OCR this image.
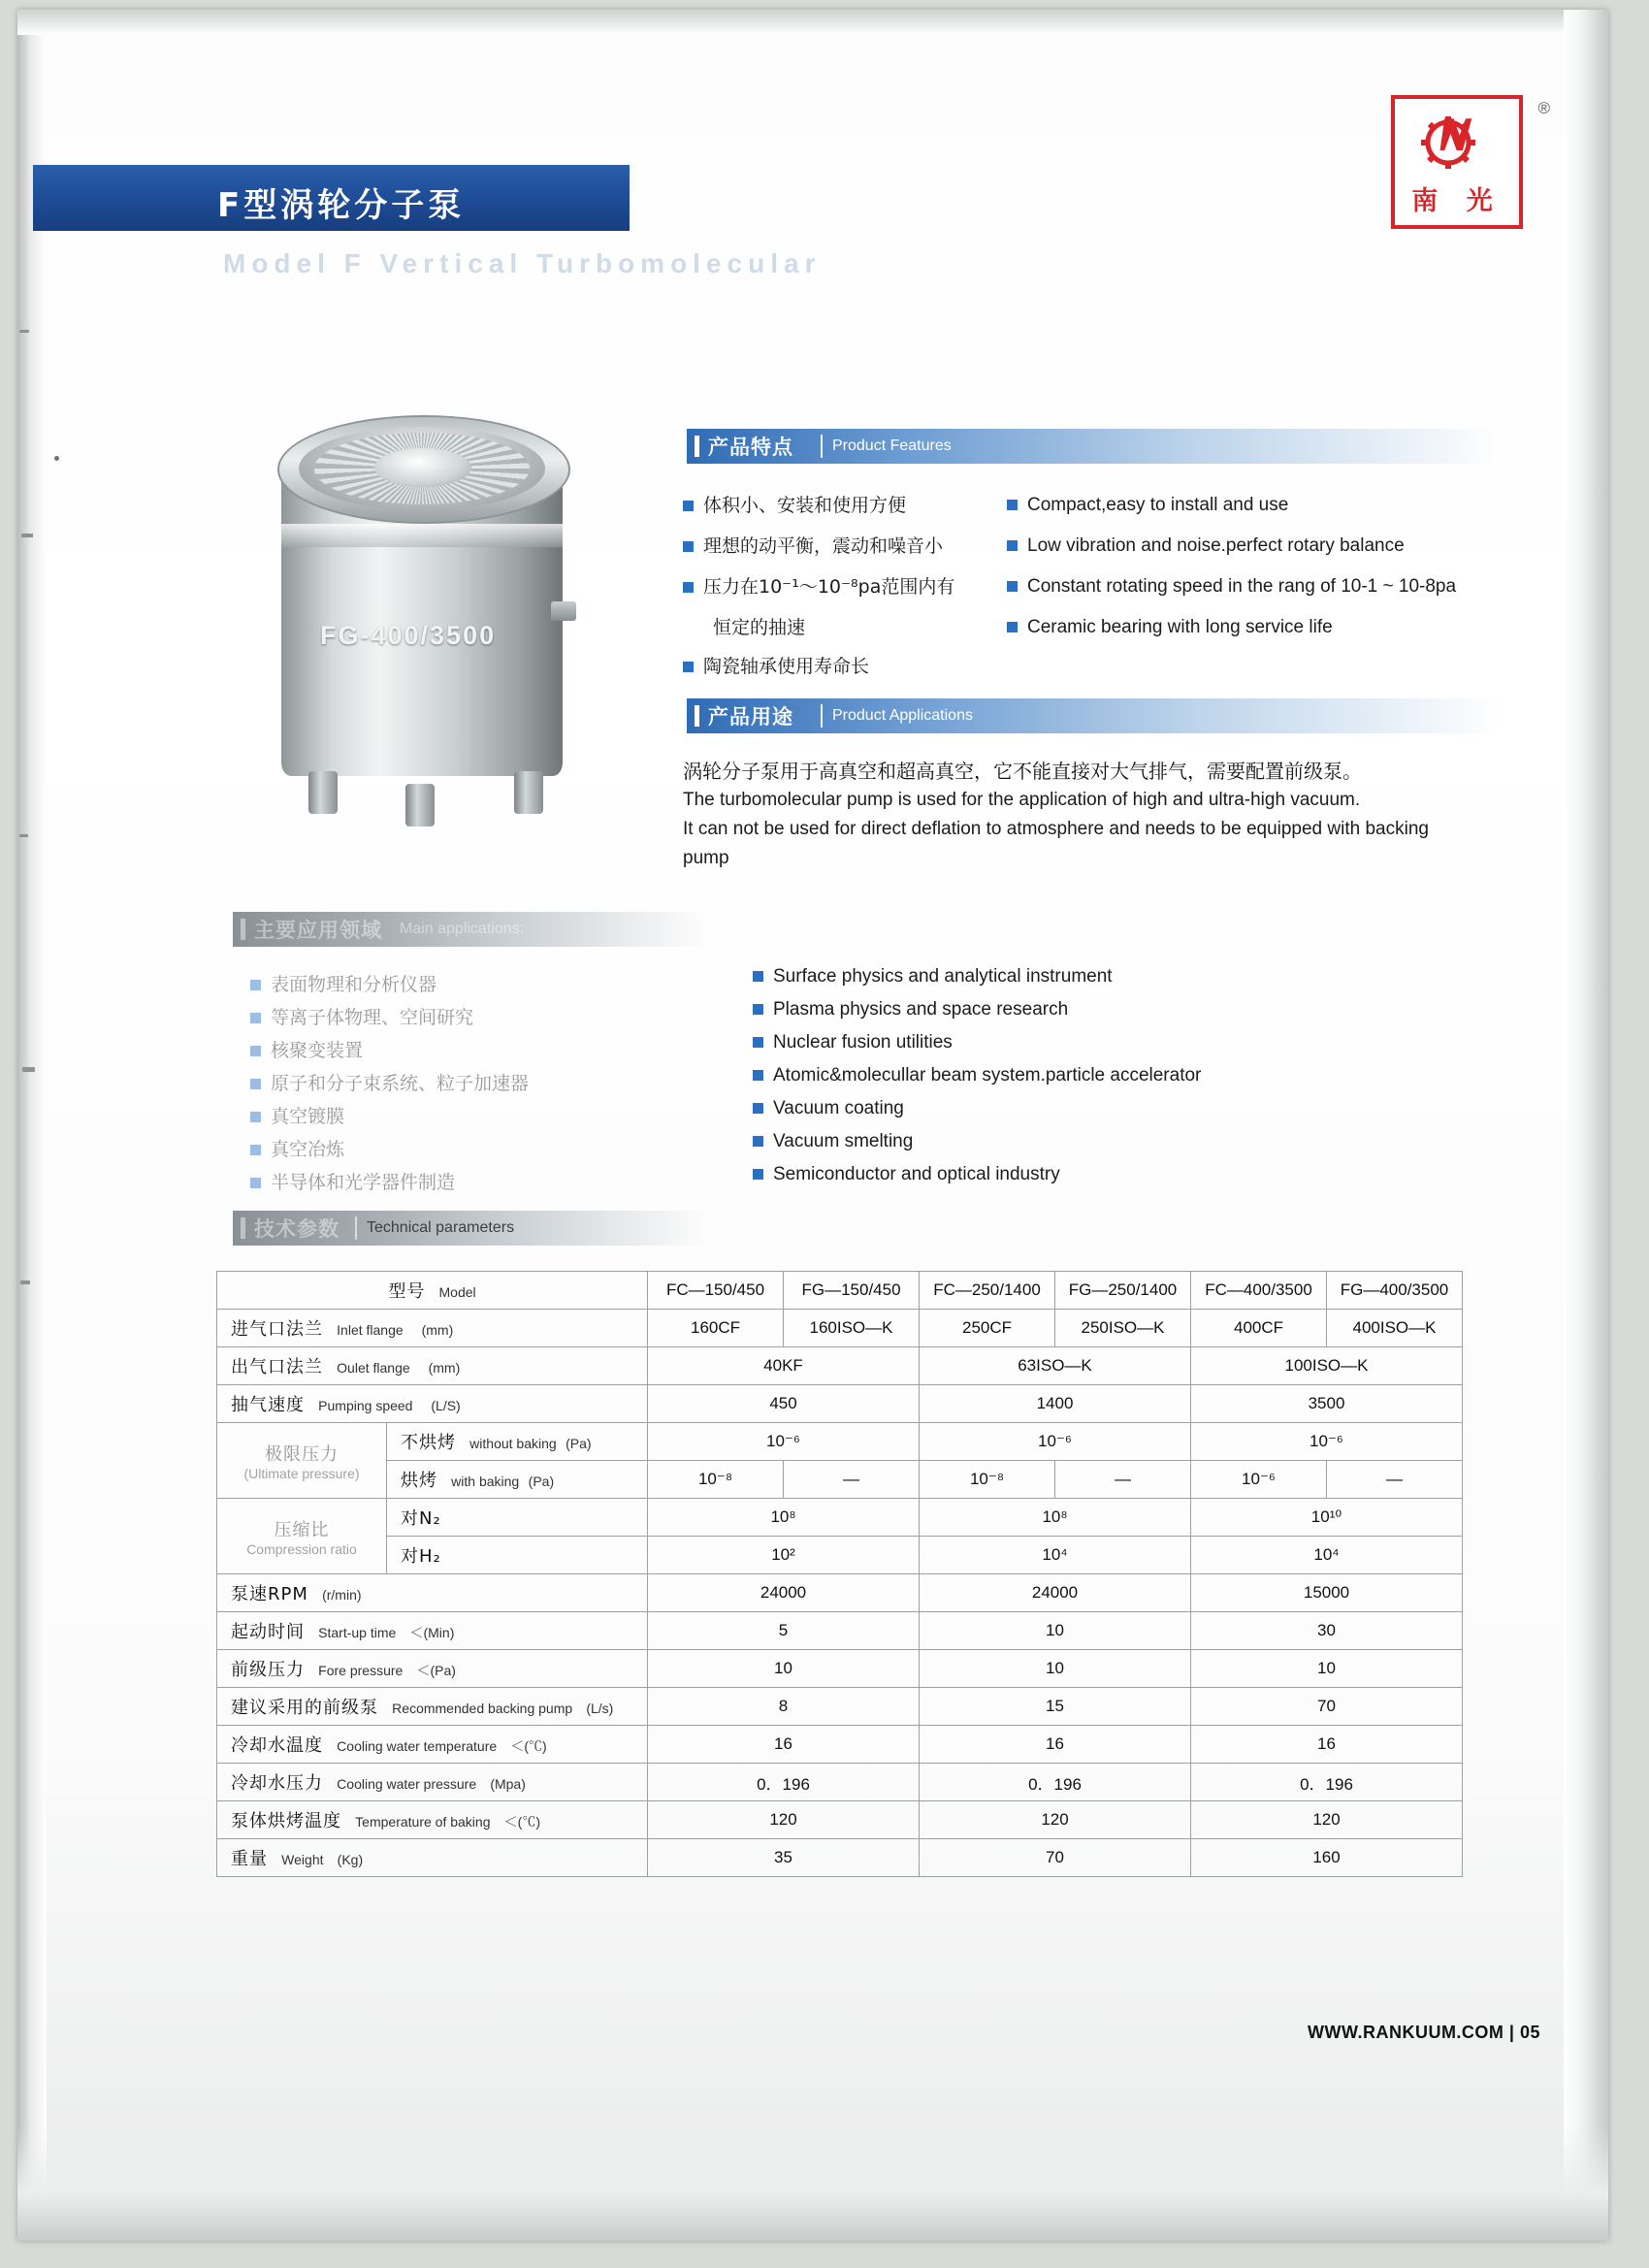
F型涡轮分子泵
Model F Vertical Turbomolecular
®
南 光
FG-400/3500
产品特点	Product Features
体积小、安装和使用方便
理想的动平衡，震动和噪音小
压力在10⁻¹～10⁻⁸pa范围内有
恒定的抽速
陶瓷轴承使用寿命长
Compact,easy to install and use
Low vibration and noise.perfect rotary balance
Constant rotating speed in the rang of 10-1 ~ 10-8pa
Ceramic bearing with long service life
产品用途	Product Applications
涡轮分子泵用于高真空和超高真空，它不能直接对大气排气，需要配置前级泵。
The turbomolecular pump is used for the application of high and ultra-high vacuum.
It can not be used for direct deflation to atmosphere and needs to be equipped with backing
pump
主要应用领域	Main applications:
表面物理和分析仪器
等离子体物理、空间研究
核聚变装置
原子和分子束系统、粒子加速器
真空镀膜
真空冶炼
半导体和光学器件制造
Surface physics and analytical instrument
Plasma physics and space research
Nuclear fusion utilities
Atomic&molecullar beam system.particle accelerator
Vacuum coating
Vacuum smelting
Semiconductor and optical industry
技术参数	Technical parameters
型号 Model		FC—150/450	FG—150/450	FC—250/1400	FG—250/1400	FC—400/3500	FG—400/3500
进气口法兰 Inlet flange (mm)		160CF	160ISO—K	250CF	250ISO—K	400CF	400ISO—K
出气口法兰 Oulet flange (mm)		40KF		63ISO—K		100ISO—K	
抽气速度 Pumping speed (L/S)		450		1400		3500	

极限压力
(Ultimate pressure)	不烘烤 without baking (Pa)	10⁻⁶		10⁻⁶		10⁻⁶	
	烘烤 with baking (Pa)	10⁻⁸	—	10⁻⁸	—	10⁻⁶	—

压缩比
Compression ratio	对N₂	10⁸		10⁸		10¹⁰	
	对H₂	10²		10⁴		10⁴	
泵速RPM (r/min)		24000		24000		15000	
起动时间 Start-up time ＜(Min)		5		10		30	
前级压力 Fore pressure ＜(Pa)		10		10		10	
建议采用的前级泵 Recommended backing pump (L/s)		8		15		70	
冷却水温度 Cooling water temperature ＜(℃)		16		16		16	
冷却水压力 Cooling water pressure (Mpa)		0．196		0．196		0．196	
泵体烘烤温度 Temperature of baking ＜(℃)		120		120		120	
重量 Weight (Kg)		35		70		160	
WWW.RANKUUM.COM | 05
